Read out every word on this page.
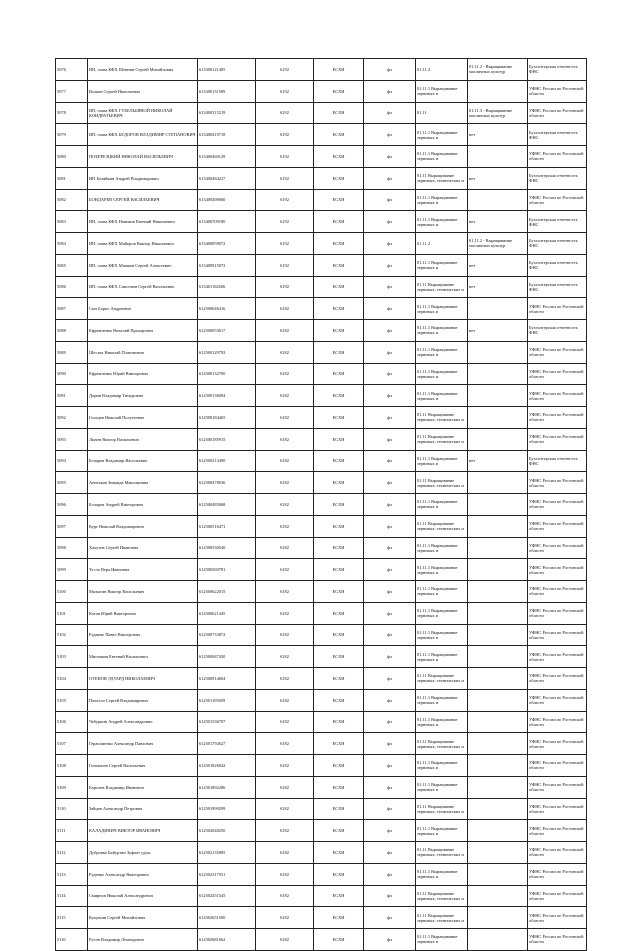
5076	ИП, глава КФХ Шевнин Сергей Михайлович	613300121405	6192	ЕСХН	фл	01.11.2	01.11.2 - Выращивание масличных культур	Бухгалтерская отчетность ФНС
5077	Волков Сергей Николаевич	613300151589	6192	ЕСХН	фл	01.11.1 Выращивание зерновых и		УФНС России по Ростовской области
5078	ИП, глава КФХ ГУБЕЛЬБЯНОЙ НИКОЛАЙ КОНДРАТЬЕВИЧ	613400315219	6192	ЕСХН	фл	01.11	01.11.3 - Выращивание масличных культур	УФНС России по Ростовской области
5079	ИП, глава КФХ БЕДОРОВ ВЛАДИМИР СТЕПАНОВИЧ	613400419718	6192	ЕСХН	фл	01.11.1 Выращивание зерновых и	нет	Бухгалтерская отчетность ФНС
5080	ПОБЕРЕЗЦКИЙ НИКОЛАЙ ВАСИЛЬЕВИЧ	613400469129	6192	ЕСХН	фл	01.11.1 Выращивание зерновых и		УФНС России по Ростовской области
5081	ИП Беляйкин Андрей Владимирович	613400484227	6192	ЕСХН	фл	01.11 Выращивание зерновых, технических и	нет	Бухгалтерская отчетность ФНС
5082	БОНДАРЕВ СЕРГЕЙ ВАСИЛЬЕВИЧ	613400490060	6192	ЕСХН	фл	01.11.1 Выращивание зерновых и		УФНС России по Ростовской области
5083	ИП, глава КФХ Новиков Евгений Николаевич	613400709180	6192	ЕСХН	фл	01.11.1 Выращивание зерновых и	нет	Бухгалтерская отчетность ФНС
5084	ИП, глава КФХ Майоров Виктор Николаевич	613400859072	6192	ЕСХН	фл	01.11.2	01.11.2 - Выращивание масличных культур	Бухгалтерская отчетность ФНС
5085	ИП, глава КФХ Машков Сергей Алексеевич	613400915073	6192	ЕСХН	фл	01.11.1 Выращивание зерновых и	нет	Бухгалтерская отчетность ФНС
5086	ИП, глава КФХ Самсонов Сергей Васильевич	613401162606	6192	ЕСХН	фл	01.11 Выращивание зерновых, технических и	нет	Бухгалтерская отчетность ФНС
5087	Сыч Борис Андреевич	612500046416	6182	ЕСХН	фл	01.11.1 Выращивание зерновых и		УФНС России по Ростовской области
5088	Ефремченко Виталий Прохорович	612500053617	6182	ЕСХН	фл	01.11.1 Выращивание зерновых и	нет	Бухгалтерская отчетность ФНС
5089	Шестка Николай Платонович	612500129792	6182	ЕСХН	фл	01.11.1 Выращивание зерновых и		УФНС России по Ростовской области
5090	Ефремченко Юрий Викторович	612500132700	6182	ЕСХН	фл	01.11.1 Выращивание зерновых и		УФНС России по Ростовской области
5091	Дорин Владимир Тимурович	612500136094	6182	ЕСХН	фл	01.11.1 Выращивание зерновых и		УФНС России по Ростовской области
5092	Гольцев Николай Полугеевич	612500184465	6182	ЕСХН	фл	01.11 Выращивание зерновых, технических и		УФНС России по Ростовской области
5093	Лычев Виктор Васильевич	612500185915	6182	ЕСХН	фл	01.11 Выращивание зерновых, технических и		УФНС России по Ростовской области
5094	Бочаров Владимир Васильевич	612500213490	6182	ЕСХН	фл	01.11.1 Выращивание зерновых и	нет	Бухгалтерская отчетность ФНС
5095	Аниськов Зинаида Максимовна	612500478036	6182	ЕСХН	фл	01.11 Выращивание зерновых, технических и		УФНС России по Ростовской области
5096	Бочаров Андрей Викторович	612500485068	6182	ЕСХН	фл	01.11.1 Выращивание зерновых и		УФНС России по Ростовской области
5097	Курт Николай Владимирович	612500516471	6182	ЕСХН	фл	01.11 Выращивание зерновых, технических и		УФНС России по Ростовской области
5098	Хахутов Сергей Иванович	612500530540	6182	ЕСХН	фл	01.11.1 Выращивание зерновых и		УФНС России по Ростовской области
5099	Тесло Вера Ивановна	612500569781	6182	ЕСХН	фл	01.11.1 Выращивание зерновых и		УФНС России по Ростовской области
5100	Малыгин Виктор Васильевич	612500622015	6182	ЕСХН	фл	01.11.1 Выращивание зерновых и		УФНС России по Ростовской области
5101	Котов Юрий Викторович	612500621445	6182	ЕСХН	фл	01.11.1 Выращивание зерновых и		УФНС России по Ростовской области
5102	Рудакно Павел Викторович	612500733872	6182	ЕСХН	фл	01.11.1 Выращивание зерновых и		УФНС России по Ростовской области
5103	Мисников Евгений Васильевич	612500847450	6182	ЕСХН	фл	01.11.1 Выращивание зерновых и		УФНС России по Ростовской области
5104	ОТЕНОВ ЭДУАРД НИКОЛАЕВИЧ	612500914604	6182	ЕСХН	фл	01.11 Выращивание зерновых, технических и		УФНС России по Ростовской области
5105	Пахалло Сергей Владимирович	612501103059	6182	ЕСХН	фл	01.11.1 Выращивание зерновых и		УФНС России по Ростовской области
5106	Чебуркин Андрей Александрович	612501536707	6182	ЕСХН	фл	01.11.1 Выращивание зерновых и		УФНС России по Ростовской области
5107	Герасименко Александр Павлович	612501792627	6182	ЕСХН	фл	01.11 Выращивание зерновых, технических и		УФНС России по Ростовской области
5108	Гоноказов Сергей Васильевич	612501826042	6182	ЕСХН	фл	01.11.1 Выращивание зерновых и		УФНС России по Ростовской области
5109	Королев Владимир Иванович	612501892286	6182	ЕСХН	фл	01.11.1 Выращивание зерновых и		УФНС России по Ростовской области
5110	Зайцев Александр Петрович	612501999299	6182	ЕСХН	фл	01.11 Выращивание зерновых, технических и		УФНС России по Ростовской области
5111	КАЛАДИНИЧ ВИКТОР ИВАНОВИЧ	612502048250	6182	ЕСХН	фл	01.11.1 Выращивание зерновых и		УФНС России по Ростовской области
5112	Дубровко Байурзин Зуфпат удлы	612502135885	6182	ЕСХН	фл	01.11 Выращивание зерновых, технических и		УФНС России по Ростовской области
5113	Руденко Александр Викторович	612502317551	6182	ЕСХН	фл	01.11.1 Выращивание зерновых и		УФНС России по Ростовской области
5114	Смирнов Николай Александрович	612502451545	6182	ЕСХН	фл	01.11 Выращивание зерновых, технических и		УФНС России по Ростовской области
5115	Кукушин Сергей Михайлович	612502651500	6182	ЕСХН	фл	01.11 Выращивание зерновых, технических и		УФНС России по Ростовской области
5116	Русов Владимир Леонидович	612502681662	6182	ЕСХН	фл	01.11.1 Выращивание зерновых и		УФНС России по Ростовской области
